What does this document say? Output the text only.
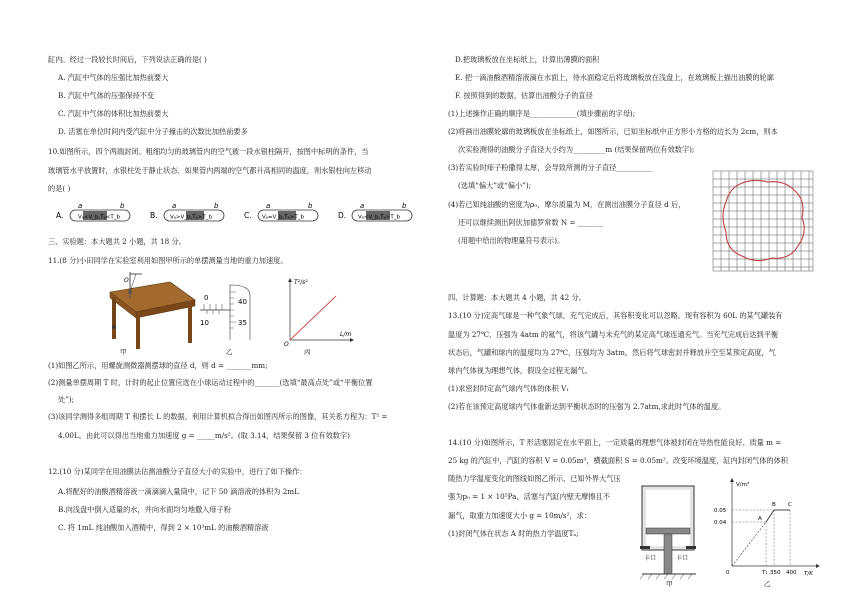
缸内。经过一段较长时间后，下列说法正确的是( )
A. 汽缸中气体的压强比加热前要大
B. 汽缸中气体的压强保持不变
C. 汽缸中气体的体积比加热前要大
D. 活塞在单位时间内受汽缸中分子撞击的次数比加热前要多
10.如图所示，四个两端封闭、粗细均匀的玻璃管内的空气被一段水银柱隔开，按图中标明的条件，当
玻璃管水平放置时，水银柱处于静止状态．如果管内两端的空气都升高相同的温度，则水银柱向左移动
的是( )
A.
a	b
Vₐ<V_b,Tₐ<T_b	B.
a	b
Vₐ>V_b,Tₐ>T_b	C.
a	b
Vₐ=V_b,Tₐ>T_b	D.
a	b
Vₐ<V_b,Tₐ>T_b
三、实验题：本大题共 2 小题，共 18 分。
11.(8 分)小田同学在实验室利用如图甲所示的单摆测量当地的重力加速度。
O
甲
40
35
10
0
乙
T²/s²
L/m
O
丙
(1)如图乙所示，用螺旋测微器测摆球的直径 d，则 d = _______mm;
(2)测量单摆周期 T 时，计时的起止位置应选在小球运动过程中的_______(选填“最高点处”或“平衡位置
处”);
(3)该同学测得多组周期 T 和摆长 L 的数据，利用计算机拟合得出如图丙所示的图像，其关系方程为：T² =
4.00L。由此可以得出当地重力加速度 g = _____m/s²。(取 3.14，结果保留 3 位有效数字)
12.(10 分)某同学在用油膜法估测油酸分子直径大小的实验中，进行了如下操作：
A.将配好的油酸酒精溶液一滴滴滴入量筒中，记下 50 滴溶液的体积为 2mL
B.向浅盘中倒入适量的水，并向水面均匀地撒入痱子粉
C. 将 1mL 纯油酸加入酒精中，得到 2 × 10³mL 的油酸酒精溶液
D.把玻璃板放在坐标纸上，计算出薄膜的面积
E. 把一滴油酸酒精溶液滴在水面上，待水面稳定后将玻璃板放在浅盘上，在玻璃板上描出油膜的轮廓
F. 按照得到的数据，估算出油酸分子的直径
(1)上述操作正确的顺序是_____________(填步骤前的字母);
(2)将画出油膜轮廓的玻璃板放在坐标纸上，如图所示，已知坐标纸中正方形小方格的边长为 2cm，则本
次实验测得的油酸分子直径大小约为_________m (结果保留两位有效数字);
(3)若实验时痱子粉撒得太厚，会导致所测的分子直径__________
(选填“偏大”或“偏小”);
(4)若已知纯油酸的密度为ρ₀，摩尔质量为 M，在测出油膜分子直径 d 后，
还可以继续测出阿伏加德罗常数 N = _______
(用题中给出的物理量符号表示)。
四、计算题：本大题共 4 小题，共 42 分。
13.(10 分)定高气球是一种气象气球，充气完成后，其容积变化可以忽略。现有容积为 60L 的某气罐装有
温度为 27℃、压强为 4atm 的氦气，将该气罐与未充气的某定高气球连通充气。当充气完成后达到平衡
状态后，气罐和球内的温度均为 27℃，压强均为 3atm，然后将气球密封并释放升空至某预定高度，气
球内气体视为理想气体，假设全过程无漏气。
(1)求密封时定高气球内气体的体积 V₁
(2)若在该预定高度球内气体重新达到平衡状态时的压强为 2.7atm,求此时气体的温度。
14.(10 分)如图所示，T 形活塞固定在水平面上，一定质量的理想气体被封闭在导热性能良好、质量 m =
25 kg 的汽缸中，汽缸的容积 V = 0.05m³，横截面积 S = 0.05m²。改变环境温度，缸内封闭气体的体积
随热力学温度变化的图线如图乙所示，已知外界大气压
强为p₀ = 1 × 10⁵Pa，活塞与汽缸内壁无摩擦且不
漏气，取重力加速度大小 g = 10m/s²，求：
(1)封闭气体在状态 A 时的热力学温度Tₐ;
卡口	卡口
甲
V/m³
T/K
0.05
0.04
0
A
B C
T₁ 350 400
乙
